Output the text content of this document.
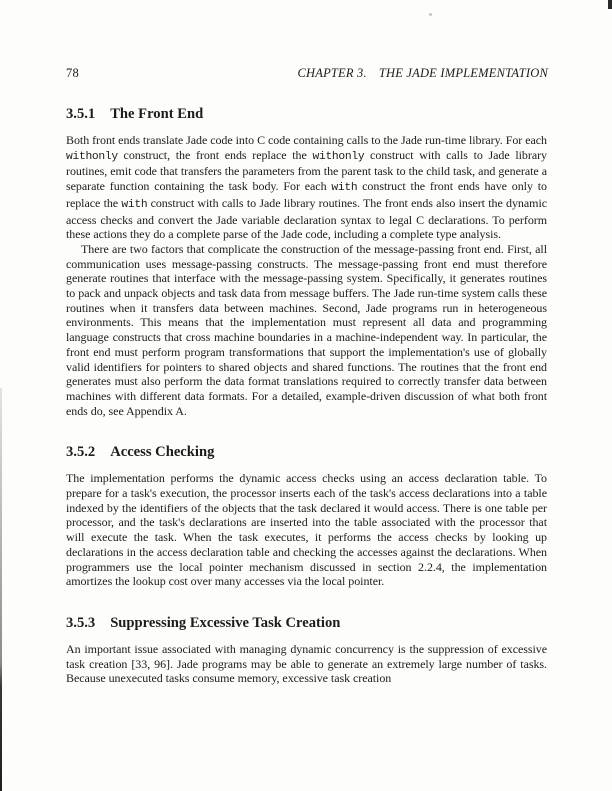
78	CHAPTER 3. THE JADE IMPLEMENTATION
3.5.1 The Front End

Both front ends translate Jade code into C code containing calls to the Jade run-time library. For each withonly construct, the front ends replace the withonly construct with calls to Jade library routines, emit code that transfers the parameters from the parent task to the child task, and generate a separate function containing the task body. For each with construct the front ends have only to replace the with construct with calls to Jade library routines. The front ends also insert the dynamic access checks and convert the Jade variable declaration syntax to legal C declarations. To perform these actions they do a complete parse of the Jade code, including a complete type analysis.

There are two factors that complicate the construction of the message-passing front end. First, all communication uses message-passing constructs. The message-passing front end must therefore generate routines that interface with the message-passing system. Specifically, it generates routines to pack and unpack objects and task data from message buffers. The Jade run-time system calls these routines when it transfers data between machines. Second, Jade programs run in heterogeneous environments. This means that the implementation must represent all data and programming language constructs that cross machine boundaries in a machine-independent way. In particular, the front end must perform program transformations that support the implementation's use of globally valid identifiers for pointers to shared objects and shared functions. The routines that the front end generates must also perform the data format translations required to correctly transfer data between machines with different data formats. For a detailed, example-driven discussion of what both front ends do, see Appendix A.

3.5.2 Access Checking

The implementation performs the dynamic access checks using an access declaration table. To prepare for a task's execution, the processor inserts each of the task's access declarations into a table indexed by the identifiers of the objects that the task declared it would access. There is one table per processor, and the task's declarations are inserted into the table associated with the processor that will execute the task. When the task executes, it performs the access checks by looking up declarations in the access declaration table and checking the accesses against the declarations. When programmers use the local pointer mechanism discussed in section 2.2.4, the implementation amortizes the lookup cost over many accesses via the local pointer.

3.5.3 Suppressing Excessive Task Creation

An important issue associated with managing dynamic concurrency is the suppression of excessive task creation [33, 96]. Jade programs may be able to generate an extremely large number of tasks. Because unexecuted tasks consume memory, excessive task creation
